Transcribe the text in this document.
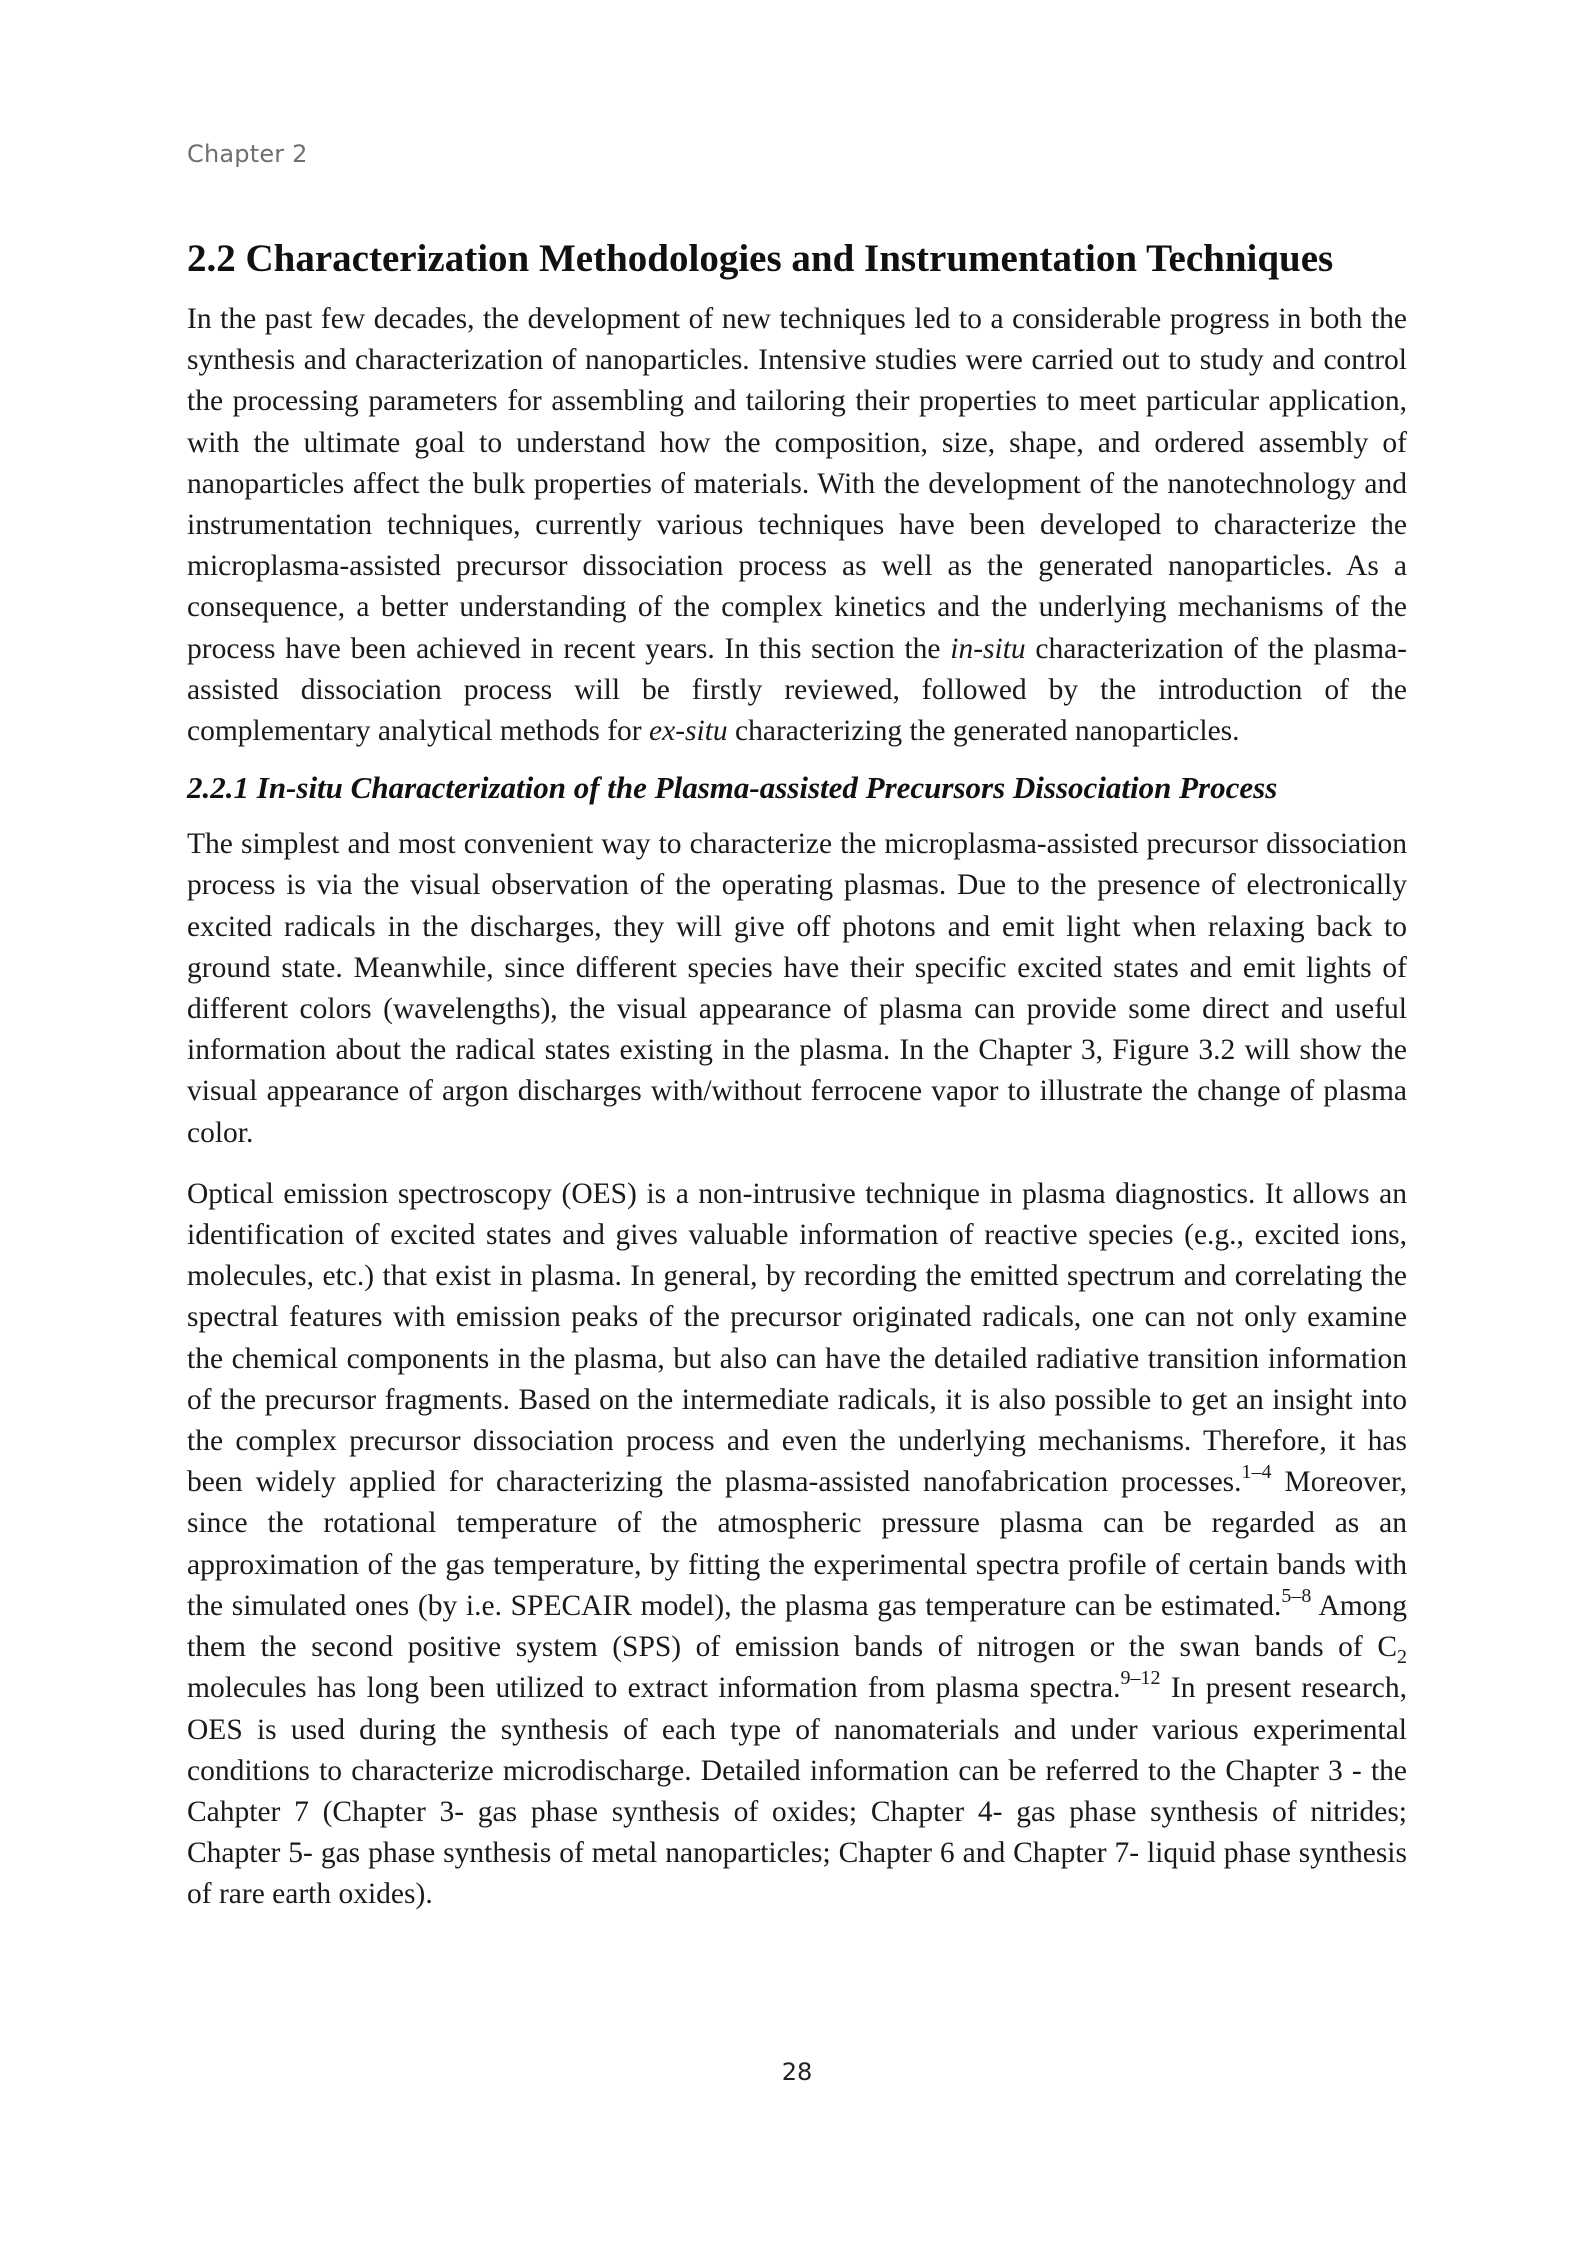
Chapter 2
2.2 Characterization Methodologies and Instrumentation Techniques

In the past few decades, the development of new techniques led to a considerable progress in both the synthesis and characterization of nanoparticles. Intensive studies were carried out to study and control the processing parameters for assembling and tailoring their properties to meet particular application, with the ultimate goal to understand how the composition, size, shape, and ordered assembly of nanoparticles affect the bulk properties of materials. With the development of the nanotechnology and instrumentation techniques, currently various techniques have been developed to characterize the microplasma-assisted precursor dissociation process as well as the generated nanoparticles. As a consequence, a better understanding of the complex kinetics and the underlying mechanisms of the process have been achieved in recent years. In this section the in-situ characterization of the plasma-assisted dissociation process will be firstly reviewed, followed by the introduction of the complementary analytical methods for ex-situ characterizing the generated nanoparticles.

2.2.1 In-situ Characterization of the Plasma-assisted Precursors Dissociation Process

The simplest and most convenient way to characterize the microplasma-assisted precursor dissociation process is via the visual observation of the operating plasmas. Due to the presence of electronically excited radicals in the discharges, they will give off photons and emit light when relaxing back to ground state. Meanwhile, since different species have their specific excited states and emit lights of different colors (wavelengths), the visual appearance of plasma can provide some direct and useful information about the radical states existing in the plasma. In the Chapter 3, Figure 3.2 will show the visual appearance of argon discharges with/without ferrocene vapor to illustrate the change of plasma color.

Optical emission spectroscopy (OES) is a non-intrusive technique in plasma diagnostics. It allows an identification of excited states and gives valuable information of reactive species (e.g., excited ions, molecules, etc.) that exist in plasma. In general, by recording the emitted spectrum and correlating the spectral features with emission peaks of the precursor originated radicals, one can not only examine the chemical components in the plasma, but also can have the detailed radiative transition information of the precursor fragments. Based on the intermediate radicals, it is also possible to get an insight into the complex precursor dissociation process and even the underlying mechanisms. Therefore, it has been widely applied for characterizing the plasma-assisted nanofabrication processes.$^{1-4}$ Moreover, since the rotational temperature of the atmospheric pressure plasma can be regarded as an approximation of the gas temperature, by fitting the experimental spectra profile of certain bands with the simulated ones (by i.e. SPECAIR model), the plasma gas temperature can be estimated.$^{5-8}$ Among them the second positive system (SPS) of emission bands of nitrogen or the swan bands of $C_2$ molecules has long been utilized to extract information from plasma spectra.$^{9-12}$ In present research, OES is used during the synthesis of each type of nanomaterials and under various experimental conditions to characterize microdischarge. Detailed information can be referred to the Chapter 3 - the Cahpter 7 (Chapter 3- gas phase synthesis of oxides; Chapter 4- gas phase synthesis of nitrides; Chapter 5- gas phase synthesis of metal nanoparticles; Chapter 6 and Chapter 7- liquid phase synthesis of rare earth oxides).

28
